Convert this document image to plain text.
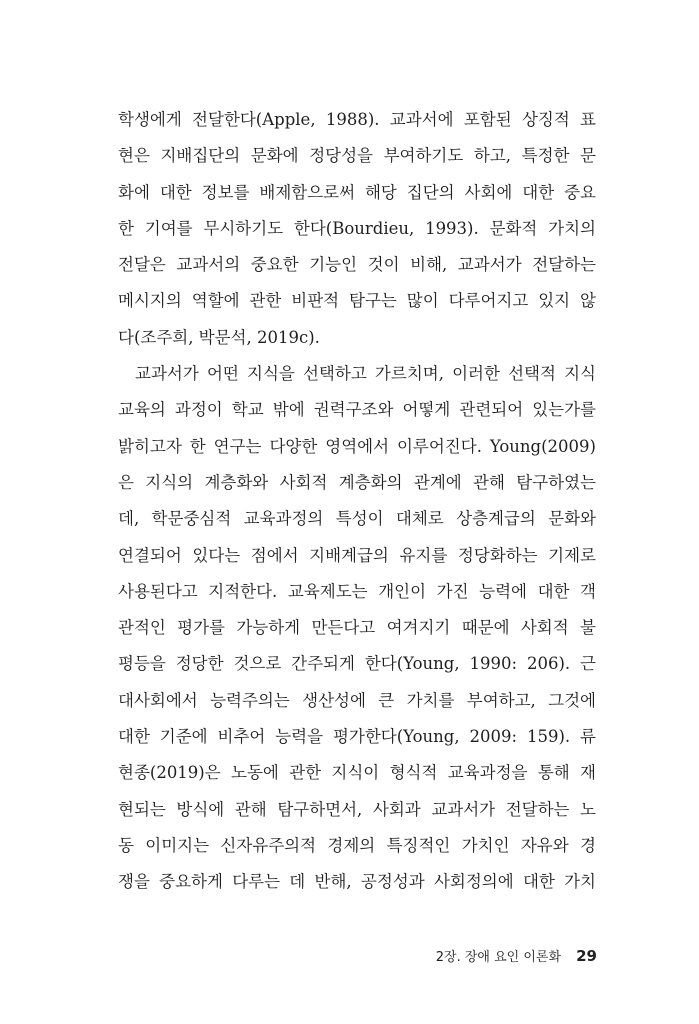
학생에게 전달한다(Apple, 1988). 교과서에 포함된 상징적 표
현은 지배집단의 문화에 정당성을 부여하기도 하고, 특정한 문
화에 대한 정보를 배제함으로써 해당 집단의 사회에 대한 중요
한 기여를 무시하기도 한다(Bourdieu, 1993). 문화적 가치의
전달은 교과서의 중요한 기능인 것이 비해, 교과서가 전달하는
메시지의 역할에 관한 비판적 탐구는 많이 다루어지고 있지 않
다(조주희, 박문석, 2019c).
교과서가 어떤 지식을 선택하고 가르치며, 이러한 선택적 지식
교육의 과정이 학교 밖에 권력구조와 어떻게 관련되어 있는가를
밝히고자 한 연구는 다양한 영역에서 이루어진다. Young(2009)
은 지식의 계층화와 사회적 계층화의 관계에 관해 탐구하였는
데, 학문중심적 교육과정의 특성이 대체로 상층계급의 문화와
연결되어 있다는 점에서 지배계급의 유지를 정당화하는 기제로
사용된다고 지적한다. 교육제도는 개인이 가진 능력에 대한 객
관적인 평가를 가능하게 만든다고 여겨지기 때문에 사회적 불
평등을 정당한 것으로 간주되게 한다(Young, 1990: 206). 근
대사회에서 능력주의는 생산성에 큰 가치를 부여하고, 그것에
대한 기준에 비추어 능력을 평가한다(Young, 2009: 159). 류
현종(2019)은 노동에 관한 지식이 형식적 교육과정을 통해 재
현되는 방식에 관해 탐구하면서, 사회과 교과서가 전달하는 노
동 이미지는 신자유주의적 경제의 특징적인 가치인 자유와 경
쟁을 중요하게 다루는 데 반해, 공정성과 사회정의에 대한 가치
2장. 장애 요인 이론화 29
